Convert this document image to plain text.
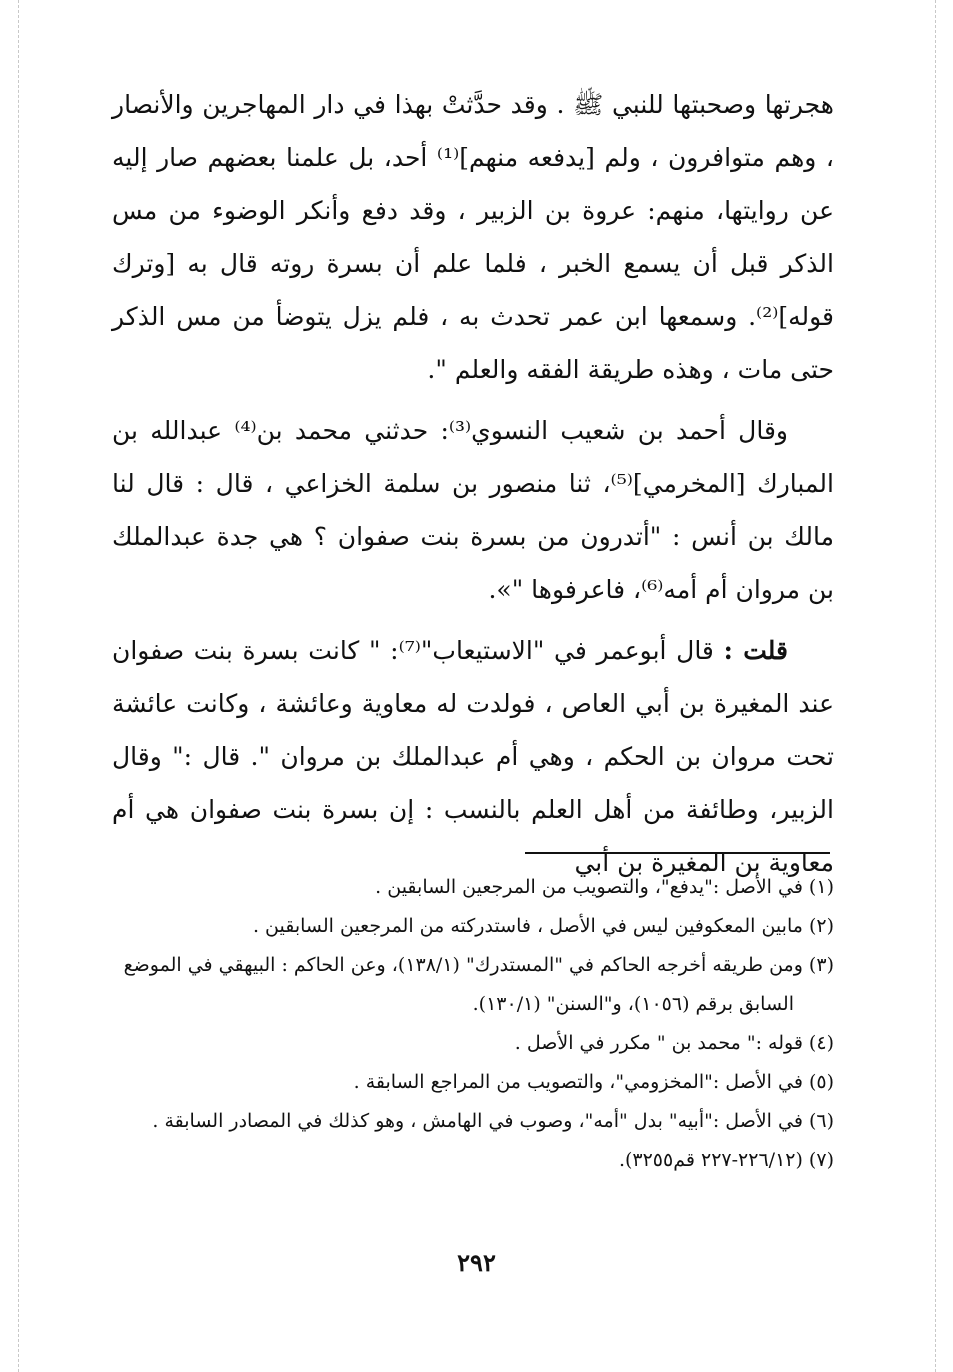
هجرتها وصحبتها للنبي ﷺ . وقد حدَّثتْ بهذا في دار المهاجرين والأنصار ، وهم متوافرون ، ولم [يدفعه منهم]⁽¹⁾ أحد، بل علمنا بعضهم صار إليه عن روايتها، منهم: عروة بن الزبير ، وقد دفع وأنكر الوضوء من مس الذكر قبل أن يسمع الخبر ، فلما علم أن بسرة روته قال به [وترك قوله]⁽²⁾. وسمعها ابن عمر تحدث به ، فلم يزل يتوضأ من مس الذكر حتى مات ، وهذه طريقة الفقه والعلم ".

وقال أحمد بن شعيب النسوي⁽³⁾: حدثني محمد بن⁽⁴⁾ عبدالله بن المبارك [المخرمي]⁽⁵⁾، ثنا منصور بن سلمة الخزاعي ، قال : قال لنا مالك بن أنس : "أتدرون من بسرة بنت صفوان ؟ هي جدة عبدالملك بن مروان أم أمه⁽⁶⁾، فاعرفوها "».

قلت : قال أبوعمر في "الاستيعاب"⁽⁷⁾: " كانت بسرة بنت صفوان عند المغيرة بن أبي العاص ، فولدت له معاوية وعائشة ، وكانت عائشة تحت مروان بن الحكم ، وهي أم عبدالملك بن مروان ". قال :" وقال الزبير، وطائفة من أهل العلم بالنسب : إن بسرة بنت صفوان هي أم معاوية بن المغيرة بن أبي

(١) في الأصل :"يدفع"، والتصويب من المرجعين السابقين .

(٢) مابين المعكوفين ليس في الأصل ، فاستدركته من المرجعين السابقين .

(٣) ومن طريقه أخرجه الحاكم في "المستدرك" (١٣٨/١)، وعن الحاكم : البيهقي في الموضع

السابق برقم (١٠٥٦)، و"السنن" (١٣٠/١).

(٤) قوله :" محمد بن " مكرر في الأصل .

(٥) في الأصل :"المخزومي"، والتصويب من المراجع السابقة .

(٦) في الأصل :"أبيه" بدل "أمه"، وصوب في الهامش ، وهو كذلك في المصادر السابقة .

(٧) (٢٢٦/١٢-٢٢٧ قم٣٢٥٥).

٢٩٢
